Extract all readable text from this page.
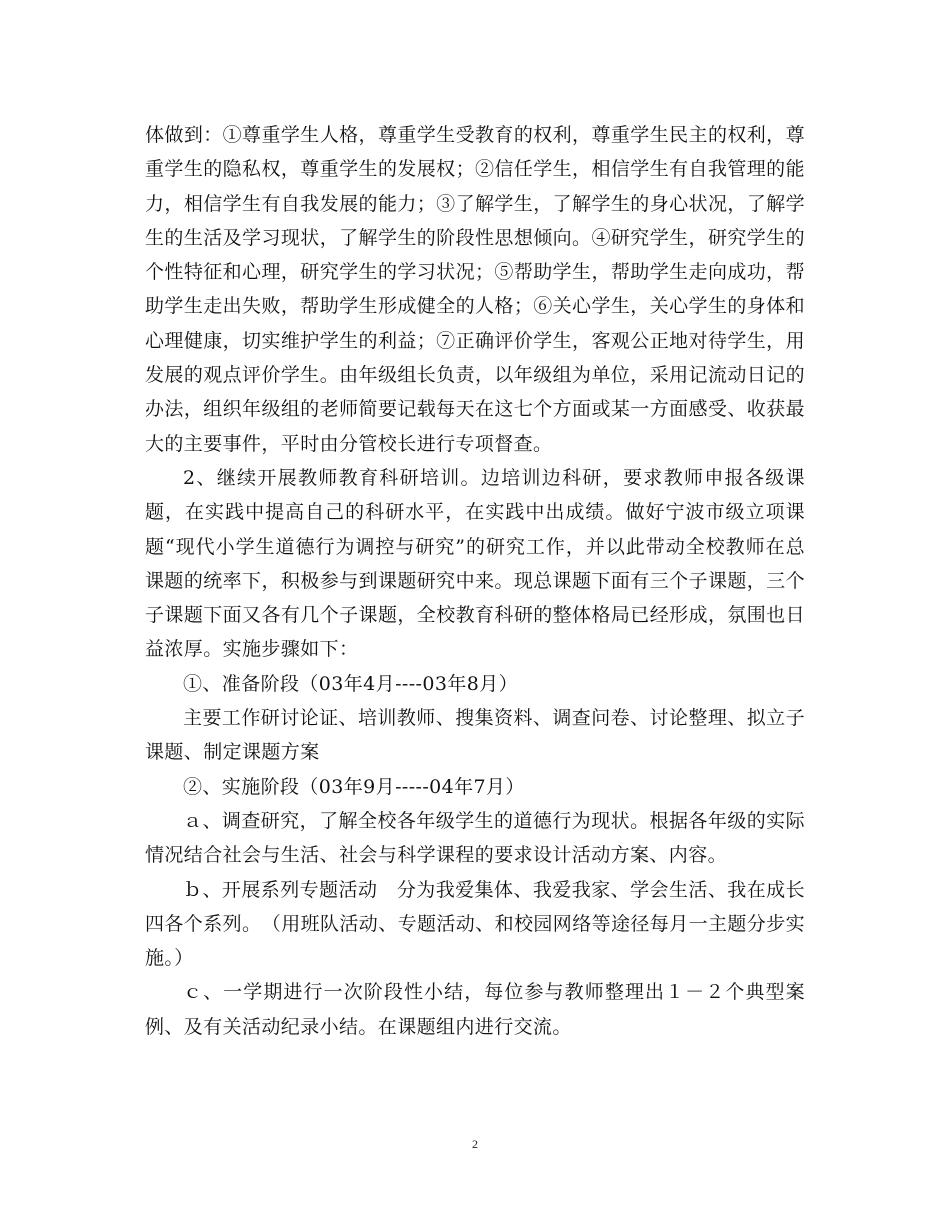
体做到：①尊重学生人格，尊重学生受教育的权利，尊重学生民主的权利，尊重学生的隐私权，尊重学生的发展权；②信任学生，相信学生有自我管理的能力，相信学生有自我发展的能力；③了解学生，了解学生的身心状况，了解学生的生活及学习现状，了解学生的阶段性思想倾向。④研究学生，研究学生的个性特征和心理，研究学生的学习状况；⑤帮助学生，帮助学生走向成功，帮助学生走出失败，帮助学生形成健全的人格；⑥关心学生，关心学生的身体和心理健康，切实维护学生的利益；⑦正确评价学生，客观公正地对待学生，用发展的观点评价学生。由年级组长负责，以年级组为单位，采用记流动日记的办法，组织年级组的老师简要记载每天在这七个方面或某一方面感受、收获最大的主要事件，平时由分管校长进行专项督查。

2、继续开展教师教育科研培训。边培训边科研，要求教师申报各级课题，在实践中提高自己的科研水平，在实践中出成绩。做好宁波市级立项课题“现代小学生道德行为调控与研究”的研究工作，并以此带动全校教师在总课题的统率下，积极参与到课题研究中来。现总课题下面有三个子课题，三个子课题下面又各有几个子课题，全校教育科研的整体格局已经形成，氛围也日益浓厚。实施步骤如下：

①、准备阶段（03年4月----03年8月）

主要工作研讨论证、培训教师、搜集资料、调查问卷、讨论整理、拟立子课题、制定课题方案

②、实施阶段（03年9月-----04年7月）

ａ、调查研究，了解全校各年级学生的道德行为现状。根据各年级的实际情况结合社会与生活、社会与科学课程的要求设计活动方案、内容。

ｂ、开展系列专题活动　分为我爱集体、我爱我家、学会生活、我在成长四各个系列。　（用班队活动、专题活动、和校园网络等途径每月一主题分步实施。）

ｃ、一学期进行一次阶段性小结，每位参与教师整理出１－２个典型案例、及有关活动纪录小结。在课题组内进行交流。

2
